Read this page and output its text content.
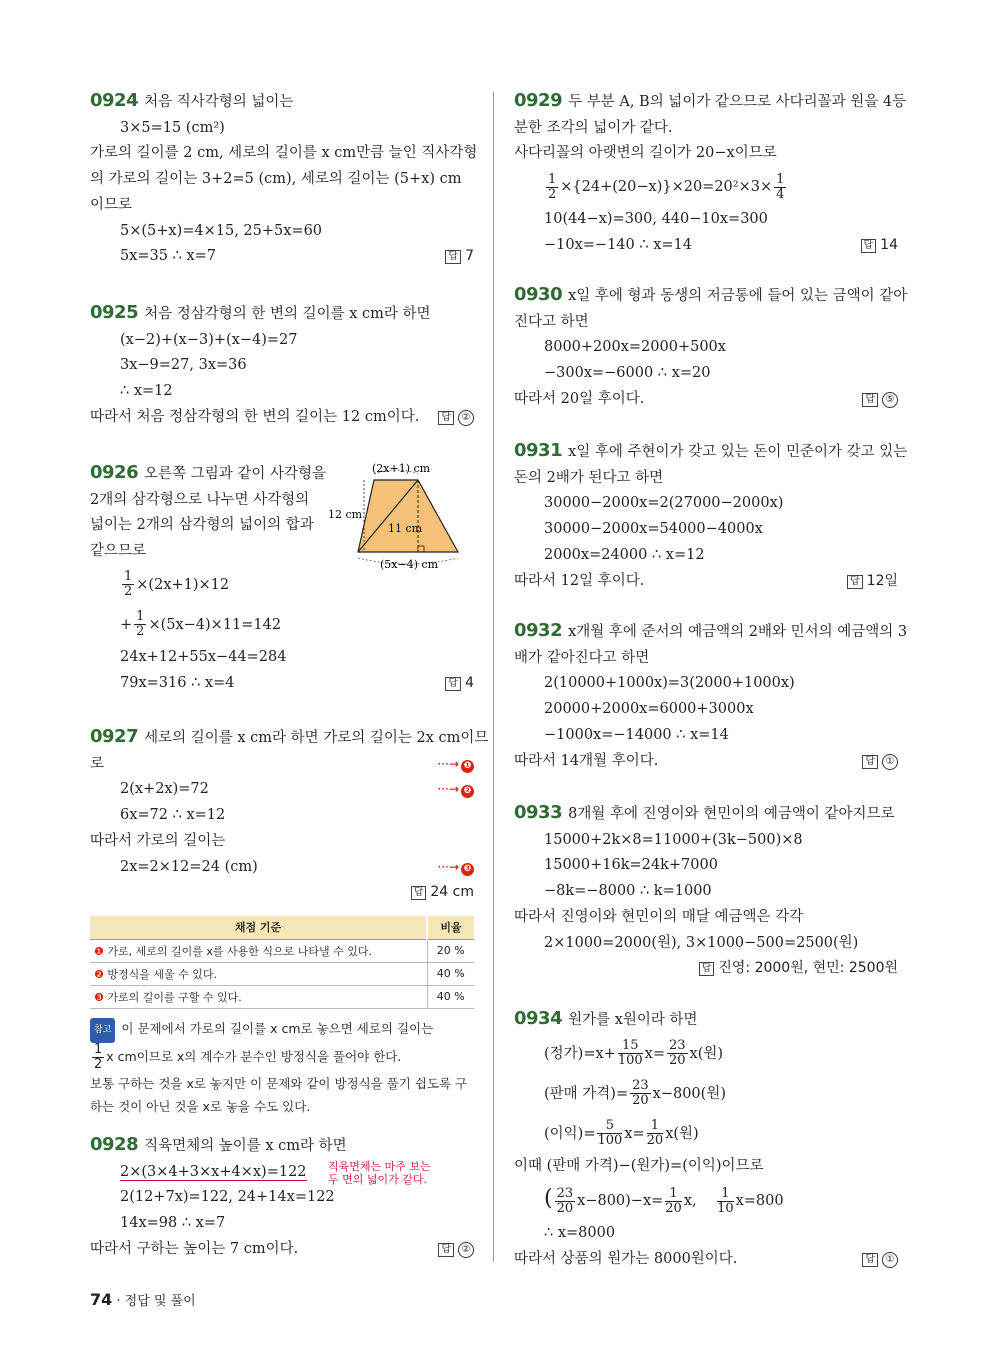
0924 처음 직사각형의 넓이는
3×5=15 (cm²)
가로의 길이를 2 cm, 세로의 길이를 x cm만큼 늘인 직사각형
의 가로의 길이는 3+2=5 (cm), 세로의 길이는 (5+x) cm
이므로
5×(5+x)=4×15, 25+5x=60
5x=35 ∴ x=7	답 7
0925 처음 정삼각형의 한 변의 길이를 x cm라 하면
(x−2)+(x−3)+(x−4)=27
3x−9=27, 3x=36
∴ x=12
따라서 처음 정삼각형의 한 변의 길이는 12 cm이다.	답 ②
(2x+1) cm
12 cm
11 cm
(5x−4) cm
0926 오른쪽 그림과 같이 사각형을
2개의 삼각형으로 나누면 사각형의
넓이는 2개의 삼각형의 넓이의 합과
같으므로
$\frac{1}{2} \times(2x+1)\times 12$
+ $\frac{1}{2} \times(5x-4)\times 11=142$
24x+12+55x−44=284
79x=316 ∴ x=4	답 4
0927 세로의 길이를 x cm라 하면 가로의 길이는 2x cm이므
로	···→ ❶
2(x+2x)=72	···→ ❷
6x=72 ∴ x=12
따라서 가로의 길이는
2x=2×12=24 (cm)	···→ ❸
답 24 cm

채점 기준	비율
❶ 가로, 세로의 길이를 x를 사용한 식으로 나타낼 수 있다.	20 %
❷ 방정식을 세울 수 있다.	40 %
❸ 가로의 길이를 구할 수 있다.	40 %
참고 이 문제에서 가로의 길이를 x cm로 놓으면 세로의 길이는
$\frac{1}{2}$ x cm이므로 x의 계수가 분수인 방정식을 풀어야 한다.
보통 구하는 것을 x로 놓지만 이 문제와 같이 방정식을 풀기 쉽도록 구
하는 것이 아닌 것을 x로 놓을 수도 있다.
0928 직육면체의 높이를 x cm라 하면
2×(3×4+3×x+4×x)=122 직육면체는 마주 보는
두 면의 넓이가 같다.
2(12+7x)=122, 24+14x=122
14x=98 ∴ x=7
따라서 구하는 높이는 7 cm이다.	답 ②
0929 두 부분 A, B의 넓이가 같으므로 사다리꼴과 원을 4등
분한 조각의 넓이가 같다.
사다리꼴의 아랫변의 길이가 20−x이므로
$\frac{1}{2} \times\{24+(20-x)\}\times 20=20^2\times 3\times \frac{1}{4}$
10(44−x)=300, 440−10x=300
−10x=−140 ∴ x=14	답 14
0930 x일 후에 형과 동생의 저금통에 들어 있는 금액이 같아
진다고 하면
8000+200x=2000+500x
−300x=−6000 ∴ x=20
따라서 20일 후이다.	답 ⑤
0931 x일 후에 주현이가 갖고 있는 돈이 민준이가 갖고 있는
돈의 2배가 된다고 하면
30000−2000x=2(27000−2000x)
30000−2000x=54000−4000x
2000x=24000 ∴ x=12
따라서 12일 후이다.	답 12일
0932 x개월 후에 준서의 예금액의 2배와 민서의 예금액의 3
배가 같아진다고 하면
2(10000+1000x)=3(2000+1000x)
20000+2000x=6000+3000x
−1000x=−14000 ∴ x=14
따라서 14개월 후이다.	답 ①
0933 8개월 후에 진영이와 현민이의 예금액이 같아지므로
15000+2k×8=11000+(3k−500)×8
15000+16k=24k+7000
−8k=−8000 ∴ k=1000
따라서 진영이와 현민이의 매달 예금액은 각각
2×1000=2000(원), 3×1000−500=2500(원)
답 진영: 2000원, 현민: 2500원

0934 원가를 x원이라 하면
(정가)$=x+ \frac{15}{100} x= \frac{23}{20} x$(원)
(판매 가격)= $\frac{23}{20} x-800$(원)
(이익)= $\frac{5}{100} x= \frac{1}{20} x$(원)
이때 (판매 가격)−(원가)=(이익)이므로
( $\frac{23}{20} x-800)-x= \frac{1}{20} x$, $\frac{1}{10} x=800$
∴ x=8000
따라서 상품의 원가는 8000원이다.	답 ①
74 · 정답 및 풀이
